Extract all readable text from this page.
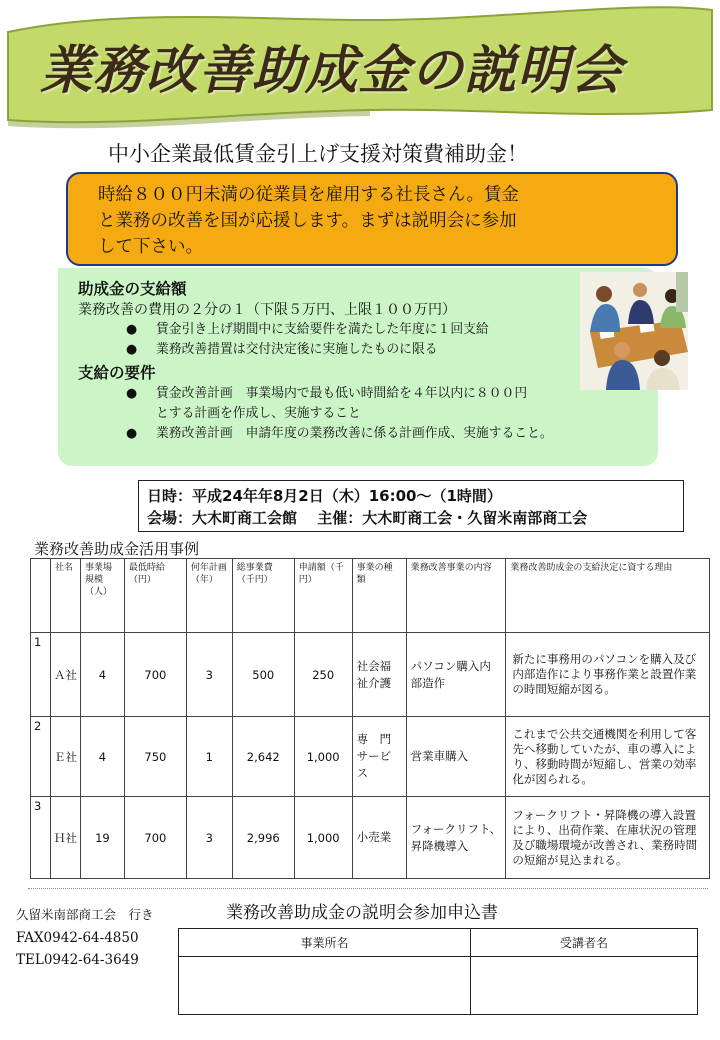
業務改善助成金の説明会
中小企業最低賃金引上げ支援対策費補助金！
時給８００円未満の従業員を雇用する社長さん。賃金
と業務の改善を国が応援します。まずは説明会に参加
して下さい。
助成金の支給額
業務改善の費用の２分の１（下限５万円、上限１００万円）
● 賃金引き上げ期間中に支給要件を満たした年度に１回支給
● 業務改善措置は交付決定後に実施したものに限る
支給の要件
● 賃金改善計画　事業場内で最も低い時間給を４年以内に８００円
とする計画を作成し、実施すること
● 業務改善計画　申請年度の業務改善に係る計画作成、実施すること。
日時：平成24年年8月2日（木）16:00～（1時間）
会場：大木町商工会館　 主催：大木町商工会・久留米南部商工会
業務改善助成金活用事例
	社名	事業場規模（人）	最低時給（円）	何年計画（年）	総事業費（千円）	申請額（千円）	事業の種類	業務改善事業の内容	業務改善助成金の支給決定に資する理由
1	Ａ社	4	700	3	500	250	社会福祉介護	パソコン購入内部造作	新たに事務用のパソコンを購入及び内部造作により事務作業と設置作業の時間短縮が図る。
2	Ｅ社	4	750	1	2,642	1,000	専　門サービス	営業車購入	これまで公共交通機関を利用して客先へ移動していたが、車の導入により、移動時間が短縮し、営業の効率化が図られる。
3	Ｈ社	19	700	3	2,996	1,000	小売業	フォークリフト、昇降機導入	フォークリフト・昇降機の導入設置により、出荷作業、在庫状況の管理及び職場環境が改善され、業務時間の短縮が見込まれる。
久留米南部商工会　行き	業務改善助成金の説明会参加申込書
FAX0942-64-4850
TEL0942-64-3649
事業所名	受講者名
